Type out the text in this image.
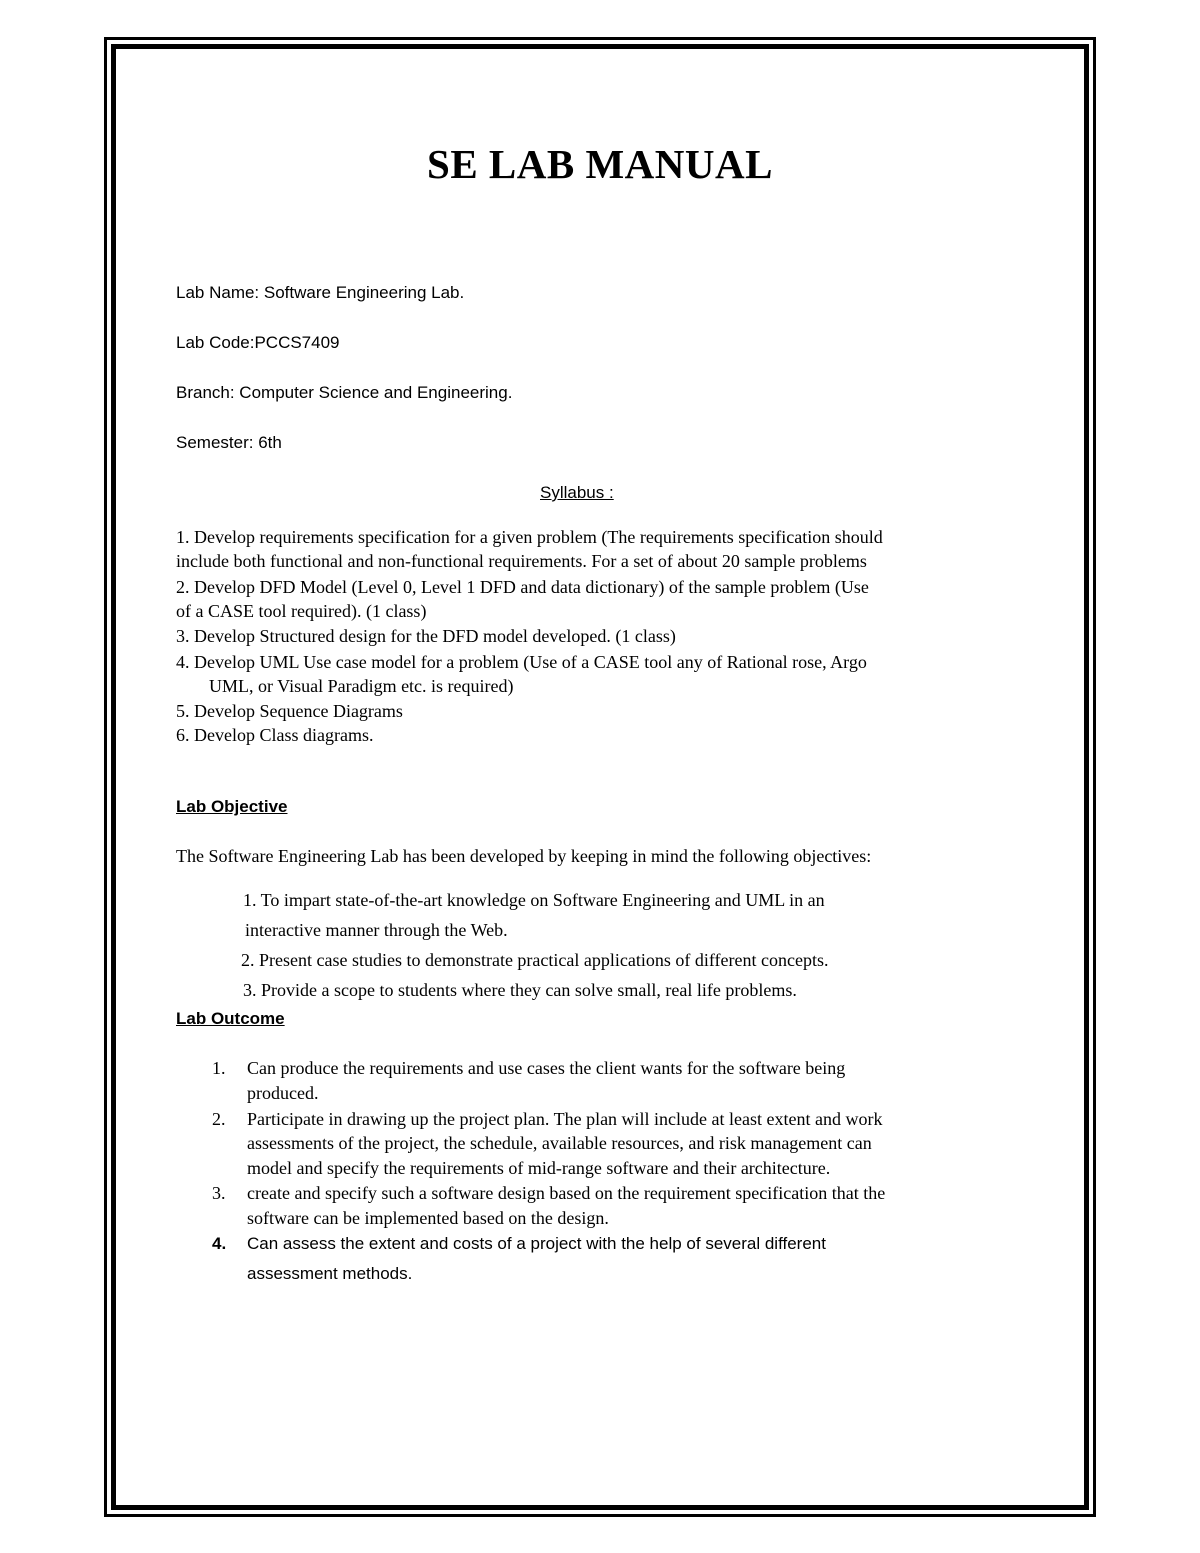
SE LAB MANUAL
Lab Name: Software Engineering Lab.
Lab Code:PCCS7409
Branch: Computer Science and Engineering.
Semester: 6th
Syllabus :
1. Develop requirements specification for a given problem (The requirements specification should
include both functional and non-functional requirements. For a set of about 20 sample problems
2. Develop DFD Model (Level 0, Level 1 DFD and data dictionary) of the sample problem (Use
of a CASE tool required). (1 class)
3. Develop Structured design for the DFD model developed. (1 class)
4. Develop UML Use case model for a problem (Use of a CASE tool any of Rational rose, Argo
UML, or Visual Paradigm etc. is required)
5. Develop Sequence Diagrams
6. Develop Class diagrams.
Lab Objective
The Software Engineering Lab has been developed by keeping in mind the following objectives:
1. To impart state-of-the-art knowledge on Software Engineering and UML in an
interactive manner through the Web.
2. Present case studies to demonstrate practical applications of different concepts.
3. Provide a scope to students where they can solve small, real life problems.
Lab Outcome
1. Can produce the requirements and use cases the client wants for the software being
produced.
2. Participate in drawing up the project plan. The plan will include at least extent and work
assessments of the project, the schedule, available resources, and risk management can
model and specify the requirements of mid-range software and their architecture.
3. create and specify such a software design based on the requirement specification that the
software can be implemented based on the design.
4. Can assess the extent and costs of a project with the help of several different
assessment methods.
